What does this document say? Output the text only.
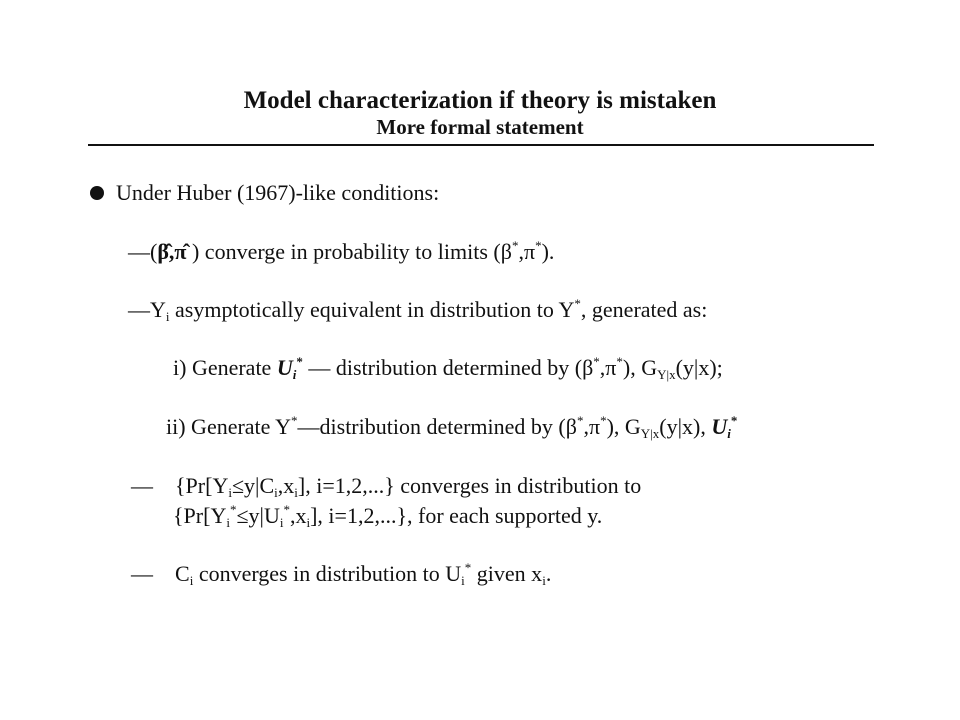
Model characterization if theory is mistaken
More formal statement
Under Huber (1967)-like conditions:
—(β̂,π̂ ) converge in probability to limits (β*,π*).
$—Y_i$ asymptotically equivalent in distribution to Y*, generated as:
i) Generate $U_i^*$ — distribution determined by (β*,π*), $G_{Y|x}(y|x)$;
ii) Generate Y*—distribution determined by (β*,π*), $G_{Y|x}(y|x)$, $U_i^*$
—    {$Pr[Y_i\le y|C_i,x_i]$, i=1,2,...} converges in distribution to
{$Pr[Y_i^*\le y|U_i^*,x_i]$, i=1,2,...}, for each supported y.
—    $C_i$ converges in distribution to $U_i^*$ given $x_i$.
